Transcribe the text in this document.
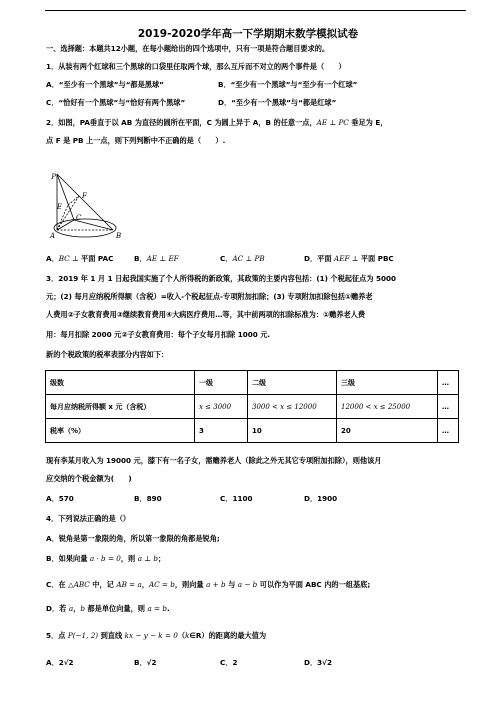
2019-2020学年高一下学期期末数学模拟试卷
一、选择题：本题共12小题，在每小题给出的四个选项中，只有一项是符合题目要求的。
1．从装有两个红球和三个黑球的口袋里任取两个球，那么互斥而不对立的两个事件是（　　）
A．“至少有一个黑球”与“都是黑球”	B．“至少有一个黑球”与“至少有一个红球”
C．“恰好有一个黑球”与“恰好有两个黑球”	D．“至少有一个黑球”与“都是红球”
2．如图，PA垂直于以 AB 为直径的圆所在平面，C 为圆上异于 A，B 的任意一点，AE ⊥ PC 垂足为 E，
点 F 是 PB 上一点，则下列判断中不正确的是（　　）.
P
F
E
C
A	B
A．BC ⊥ 平面 PAC	B．AE ⊥ EF	C．AC ⊥ PB	D．平面 AEF ⊥ 平面 PBC
3．2019 年 1 月 1 日起我国实施了个人所得税的新政策，其政策的主要内容包括：(1) 个税起征点为 5000
元；(2) 每月应纳税所得额（含税）=收入-个税起征点-专项附加扣除；(3) 专项附加扣除包括①赡养老
人费用②子女教育费用③继续教育费用④大病医疗费用…等，其中前两项的扣除标准为：①赡养老人费
用：每月扣除 2000 元②子女教育费用：每个子女每月扣除 1000 元.
新的个税政策的税率表部分内容如下：
级数	一级	二级	三级	…
每月应纳税所得额 x 元（含税）	x ≤ 3000	3000 < x ≤ 12000	12000 < x ≤ 25000	…
税率（%）	3	10	20	…
现有李某月收入为 19000 元，膝下有一名子女，需赡养老人（除此之外无其它专项附加扣除），则他该月
应交纳的个税金额为(　　)
A．570	B．890	C．1100	D．1900
4．下列说法正确的是（）
A．锐角是第一象限的角，所以第一象限的角都是锐角;
B．如果向量 a · b = 0，则 a ⊥ b；
C．在 △ABC 中，记 AB = a，AC = b，则向量 a + b 与 a − b 可以作为平面 ABC 内的一组基底;
D．若 a，b 都是单位向量，则 a = b.
5．点 P(−1, 2) 到直线 kx − y − k = 0（k∈R）的距离的最大值为
A．2√2	B．√2	C．2	D．3√2
